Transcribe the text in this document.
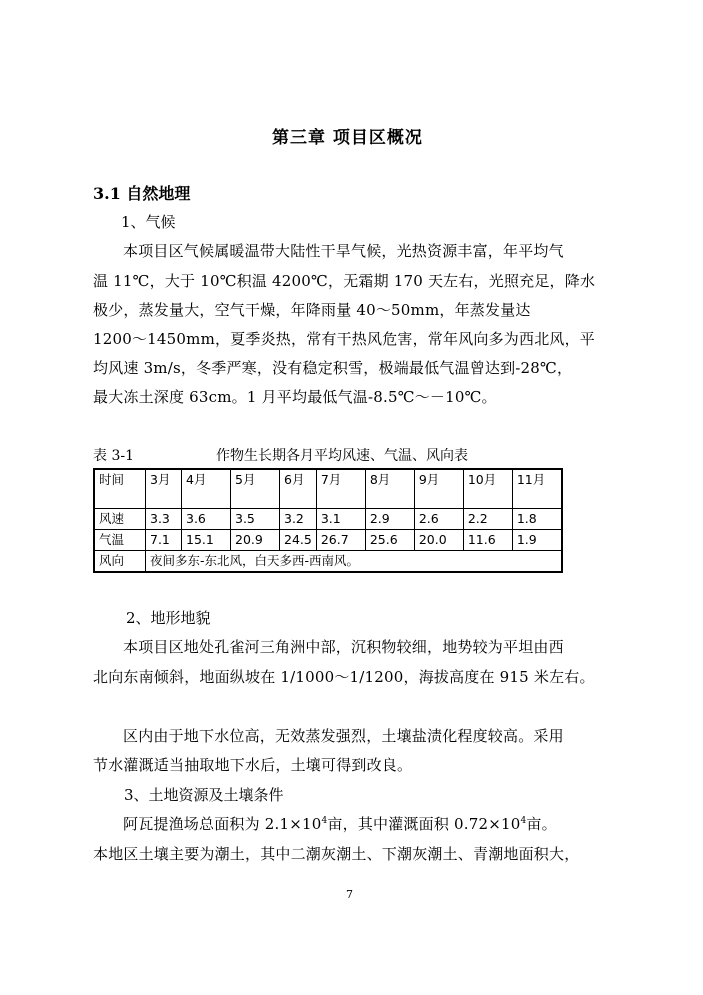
第三章 项目区概况
3.1 自然地理
1、气候
本项目区气候属暖温带大陆性干旱气候，光热资源丰富，年平均气
温 11℃，大于 10℃积温 4200℃，无霜期 170 天左右，光照充足，降水
极少，蒸发量大，空气干燥，年降雨量 40～50mm，年蒸发量达
1200～1450mm，夏季炎热，常有干热风危害，常年风向多为西北风，平
均风速 3m/s，冬季严寒，没有稳定积雪，极端最低气温曾达到-28℃，
最大冻土深度 63cm。1 月平均最低气温-8.5℃～－10℃。
表 3-1	作物生长期各月平均风速、气温、风向表
时间	3月	4月	5月	6月	7月	8月	9月	10月	11月
风速	3.3	3.6	3.5	3.2	3.1	2.9	2.6	2.2	1.8
气温	7.1	15.1	20.9	24.5	26.7	25.6	20.0	11.6	1.9
风向	夜间多东-东北风，白天多西-西南风。								
2、地形地貌
本项目区地处孔雀河三角洲中部，沉积物较细，地势较为平坦由西
北向东南倾斜，地面纵坡在 1/1000～1/1200，海拔高度在 915 米左右。
区内由于地下水位高，无效蒸发强烈，土壤盐渍化程度较高。采用
节水灌溉适当抽取地下水后，土壤可得到改良。
3、土地资源及土壤条件
阿瓦提渔场总面积为 $2.1\times 10^4$亩，其中灌溉面积 $0.72\times 10^4$亩。
本地区土壤主要为潮土，其中二潮灰潮土、下潮灰潮土、青潮地面积大，
7
